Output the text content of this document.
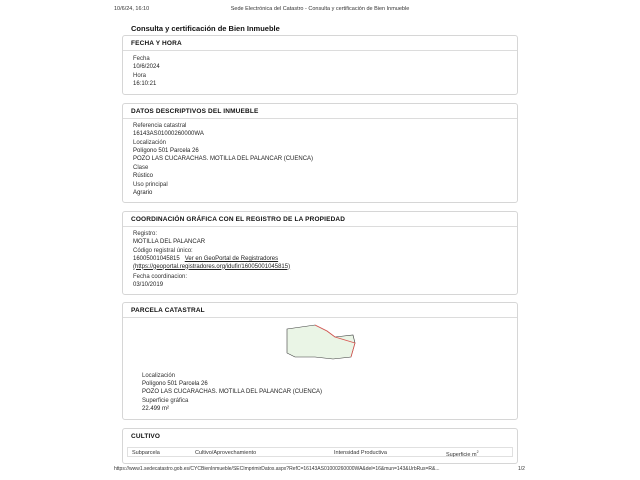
10/6/24, 16:10	Sede Electrónica del Catastro - Consulta y certificación de Bien Inmueble
Consulta y certificación de Bien Inmueble
FECHA Y HORA
Fecha
10/6/2024
Hora
16:10:21
DATOS DESCRIPTIVOS DEL INMUEBLE
Referencia catastral
16143AS01000260000WA
Localización
Polígono 501 Parcela 26
POZO LAS CUCARACHAS. MOTILLA DEL PALANCAR (CUENCA)
Clase
Rústico
Uso principal
Agrario
COORDINACIÓN GRÁFICA CON EL REGISTRO DE LA PROPIEDAD
Registro:
MOTILLA DEL PALANCAR
Código registral único:
16005001045815 Ver en GeoPortal de Registradores
(https://geoportal.registradores.org/idufir/16005001045815)
Fecha coordinacion:
03/10/2019
PARCELA CATASTRAL
Localización
Polígono 501 Parcela 26
POZO LAS CUCARACHAS. MOTILLA DEL PALANCAR (CUENCA)
Superficie gráfica
22.499 m²
CULTIVO
Subparcela	Cultivo/Aprovechamiento	Intensidad Productiva	Superficie $m^2$
https://www1.sedecatastro.gob.es/CYCBienInmueble/SECImprimirDatos.aspx?RefC=16143AS01000260000WA&del=16&mun=143&UrbRus=R&...	1/2
